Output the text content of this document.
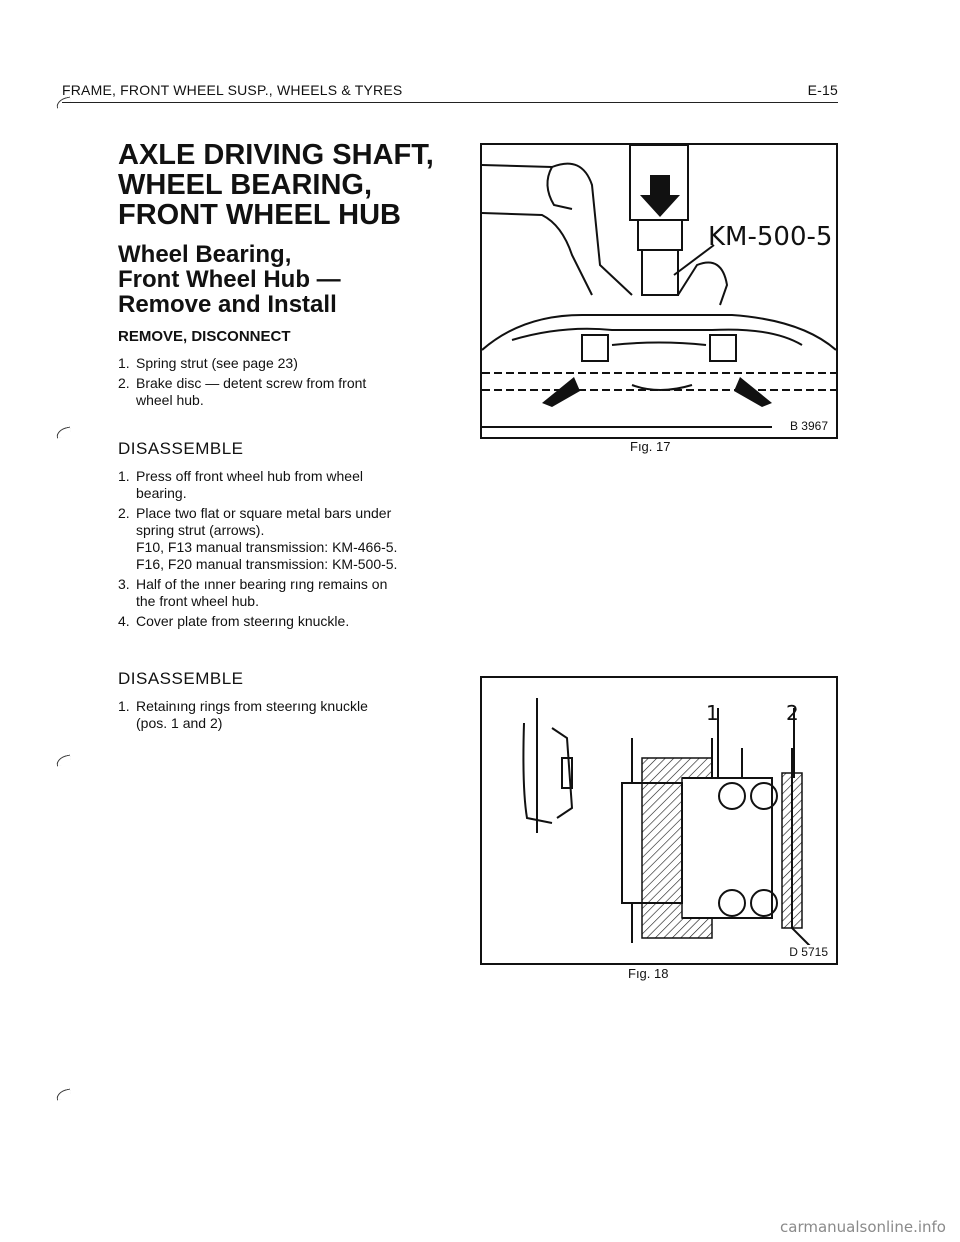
FRAME, FRONT WHEEL SUSP., WHEELS & TYRES	E-15
AXLE DRIVING SHAFT,
WHEEL BEARING,
FRONT WHEEL HUB
Wheel Bearing,
Front Wheel Hub —
Remove and Install
REMOVE, DISCONNECT
1. Spring strut (see page 23)
2. Brake disc — detent screw from front
wheel hub.
DISASSEMBLE
1. Press off front wheel hub from wheel
bearing.
2. Place two flat or square metal bars under
spring strut (arrows).
F10, F13 manual transmission: KM-466-5.
F16, F20 manual transmission: KM-500-5.
3. Half of the ınner bearing rıng remains on
the front wheel hub.
4. Cover plate from steerıng knuckle.
DISASSEMBLE
1. Retainıng rings from steerıng knuckle
(pos. 1 and 2)
KM-500-5
B 3967
Fıg. 17
1	2
D 5715
Fıg. 18
carmanualsonline.info
